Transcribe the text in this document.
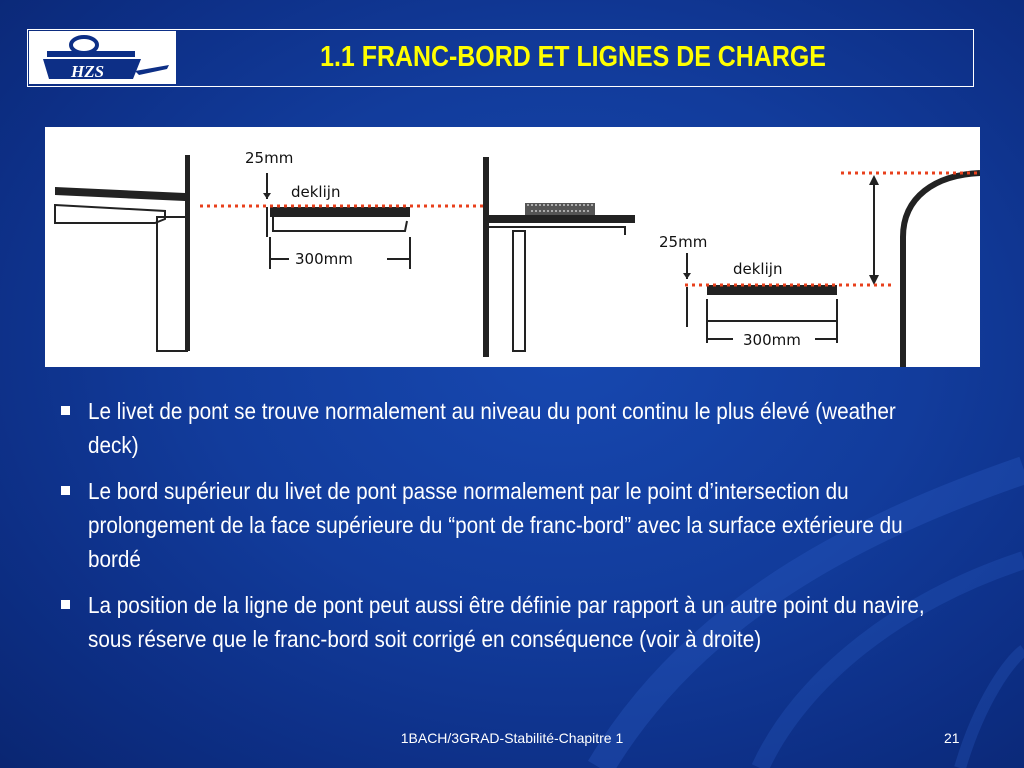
HZS	1.1 FRANC-BORD ET LIGNES DE CHARGE
25mm
deklijn
300mm
25mm
deklijn
300mm
Le livet de pont se trouve normalement au niveau du pont continu le plus élevé (weather deck)
Le bord supérieur du livet de pont passe normalement par le point d’intersection du prolongement de la face supérieure du “pont de franc-bord” avec la surface extérieure du bordé
La position de la ligne de pont peut aussi être définie par rapport à un autre point du navire, sous réserve que le franc-bord soit corrigé en conséquence (voir à droite)
1BACH/3GRAD-Stabilité-Chapitre 1	21
